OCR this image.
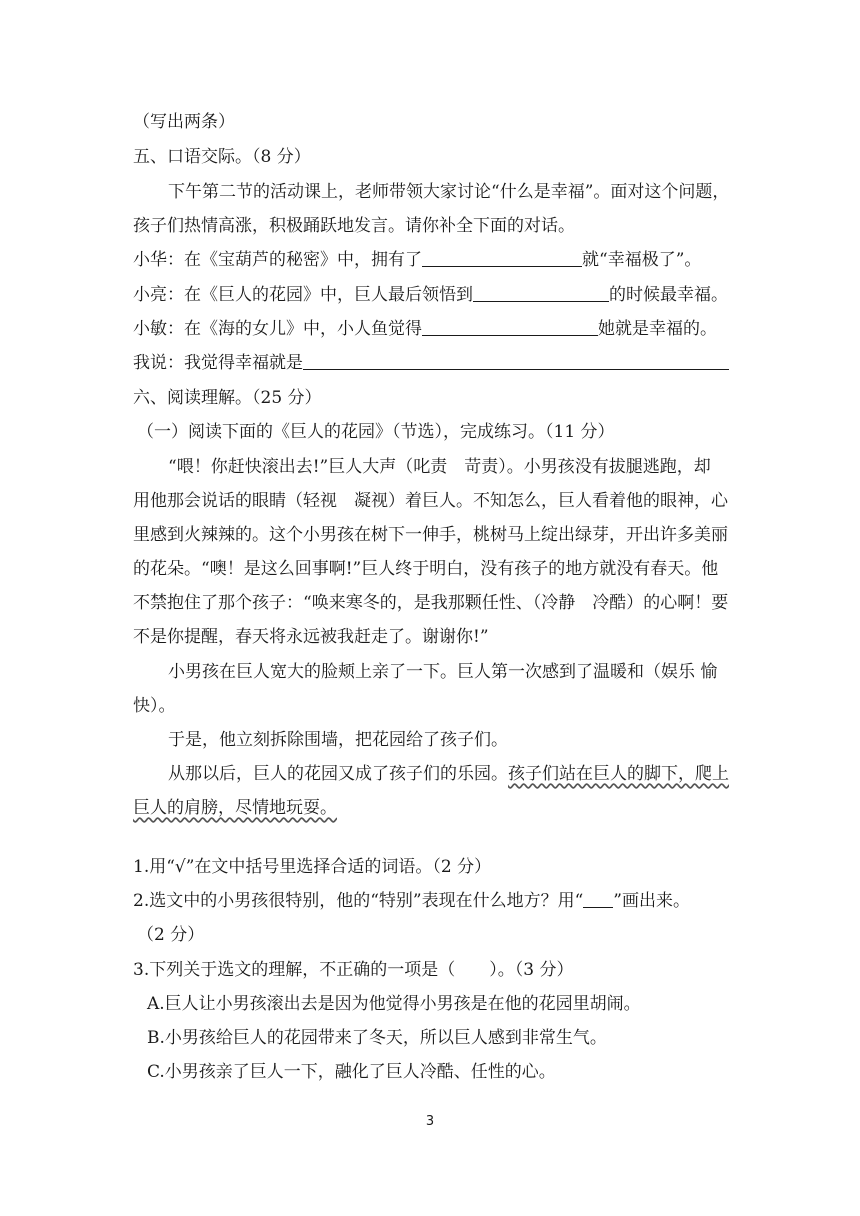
（写出两条）
五、口语交际。（8 分）
下午第二节的活动课上，老师带领大家讨论“什么是幸福”。面对这个问题，
孩子们热情高涨，积极踊跃地发言。请你补全下面的对话。
小华：在《宝葫芦的秘密》中，拥有了	就“幸福极了”。
小亮：在《巨人的花园》中，巨人最后领悟到	的时候最幸福。
小敏：在《海的女儿》中，小人鱼觉得	她就是幸福的。
我说：我觉得幸福就是
六、阅读理解。（25 分）
（一）阅读下面的《巨人的花园》（节选），完成练习。（11 分）
“喂！你赶快滚出去!”巨人大声（叱责　苛责）。小男孩没有拔腿逃跑，却
用他那会说话的眼睛（轻视　凝视）着巨人。不知怎么，巨人看着他的眼神，心
里感到火辣辣的。这个小男孩在树下一伸手，桃树马上绽出绿芽，开出许多美丽
的花朵。“噢！是这么回事啊!”巨人终于明白，没有孩子的地方就没有春天。他
不禁抱住了那个孩子：“唤来寒冬的，是我那颗任性、（冷静　冷酷）的心啊！要
不是你提醒，春天将永远被我赶走了。谢谢你!”
小男孩在巨人宽大的脸颊上亲了一下。巨人第一次感到了温暖和（娱乐 愉
快）。
于是，他立刻拆除围墙，把花园给了孩子们。
从那以后，巨人的花园又成了孩子们的乐园。孩子们站在巨人的脚下，爬上
巨人的肩膀，尽情地玩耍。
1.用“√”在文中括号里选择合适的词语。（2 分）
2.选文中的小男孩很特别，他的“特别”表现在什么地方？用“ ”画出来。
（2 分）
3.下列关于选文的理解，不正确的一项是（　　）。（3 分）
A.巨人让小男孩滚出去是因为他觉得小男孩是在他的花园里胡闹。
B.小男孩给巨人的花园带来了冬天，所以巨人感到非常生气。
C.小男孩亲了巨人一下，融化了巨人冷酷、任性的心。
3
